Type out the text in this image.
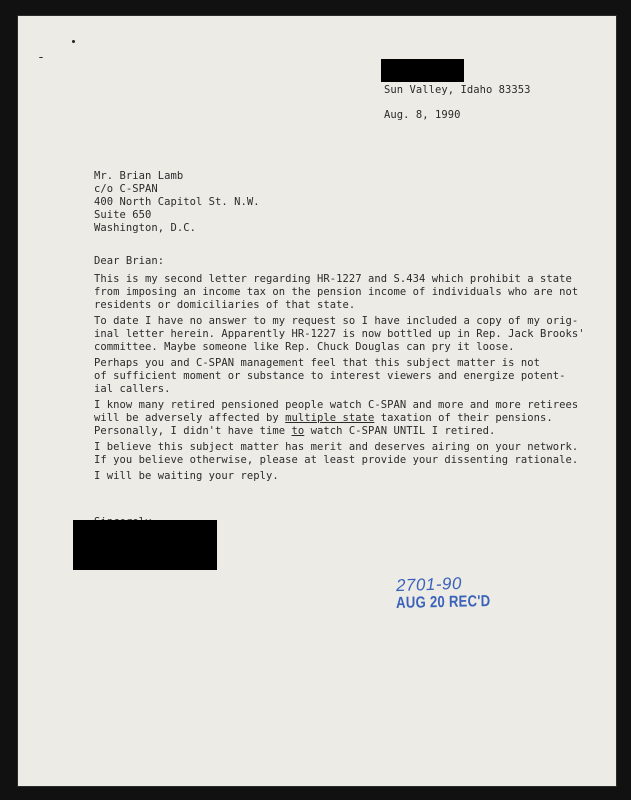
Sun Valley, Idaho 83353

Aug. 8, 1990

Mr. Brian Lamb

c/o C-SPAN

400 North Capitol St. N.W.

Suite 650

Washington, D.C.

Dear Brian:

This is my second letter regarding HR-1227 and S.434 which prohibit a state

from imposing an income tax on the pension income of individuals who are not

residents or domiciliaries of that state.

To date I have no answer to my request so I have included a copy of my orig-

inal letter herein. Apparently HR-1227 is now bottled up in Rep. Jack Brooks'

committee. Maybe someone like Rep. Chuck Douglas can pry it loose.

Perhaps you and C-SPAN management feel that this subject matter is not

of sufficient moment or substance to interest viewers and energize potent-

ial callers.

I know many retired pensioned people watch C-SPAN and more and more retirees

will be adversely affected by multiple state taxation of their pensions.

Personally, I didn't have time to watch C-SPAN UNTIL I retired.

I believe this subject matter has merit and deserves airing on your network.

If you believe otherwise, please at least provide your dissenting rationale.

I will be waiting your reply.

2701-90
AUG 20 REC'D
